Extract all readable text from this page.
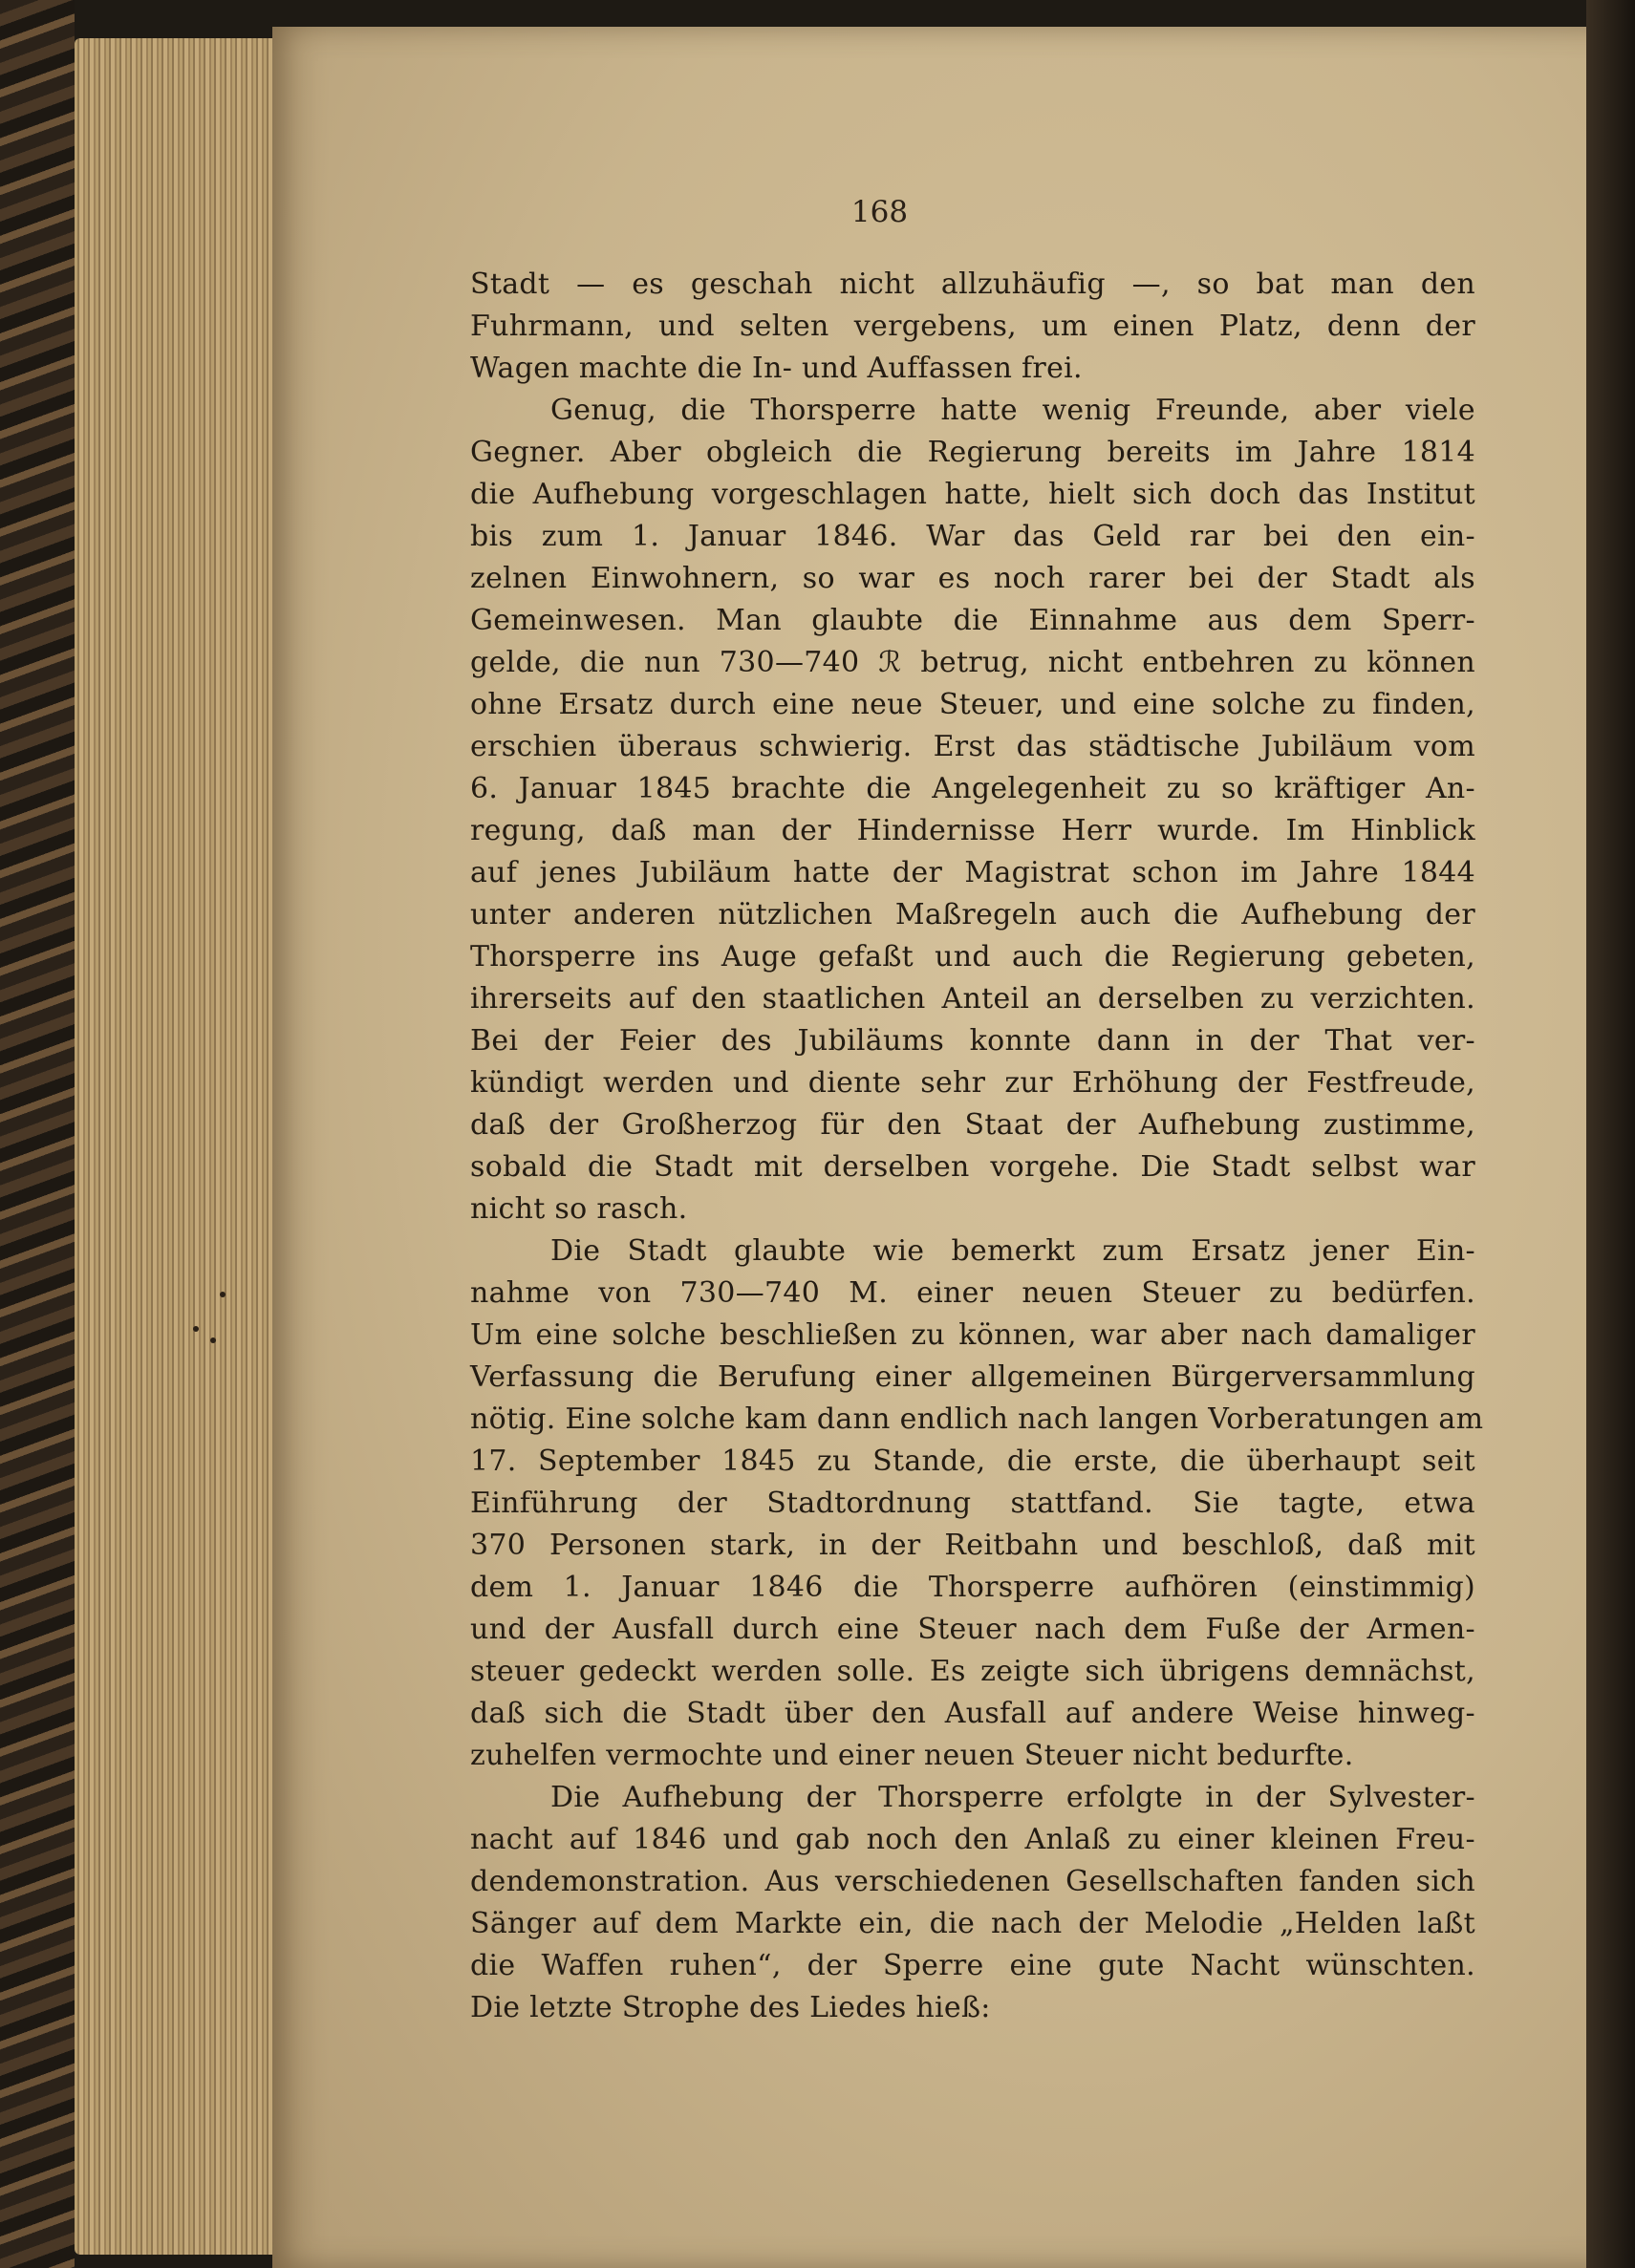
168
Stadt — es geschah nicht allzuhäufig —, so bat man den
Fuhrmann, und selten vergebens, um einen Platz, denn der
Wagen machte die In- und Auffassen frei.
Genug, die Thorsperre hatte wenig Freunde, aber viele
Gegner. Aber obgleich die Regierung bereits im Jahre 1814
die Aufhebung vorgeschlagen hatte, hielt sich doch das Institut
bis zum 1. Januar 1846. War das Geld rar bei den ein-
zelnen Einwohnern, so war es noch rarer bei der Stadt als
Gemeinwesen. Man glaubte die Einnahme aus dem Sperr-
gelde, die nun 730—740 ℛ betrug, nicht entbehren zu können
ohne Ersatz durch eine neue Steuer, und eine solche zu finden,
erschien überaus schwierig. Erst das städtische Jubiläum vom
6. Januar 1845 brachte die Angelegenheit zu so kräftiger An-
regung, daß man der Hindernisse Herr wurde. Im Hinblick
auf jenes Jubiläum hatte der Magistrat schon im Jahre 1844
unter anderen nützlichen Maßregeln auch die Aufhebung der
Thorsperre ins Auge gefaßt und auch die Regierung gebeten,
ihrerseits auf den staatlichen Anteil an derselben zu verzichten.
Bei der Feier des Jubiläums konnte dann in der That ver-
kündigt werden und diente sehr zur Erhöhung der Festfreude,
daß der Großherzog für den Staat der Aufhebung zustimme,
sobald die Stadt mit derselben vorgehe. Die Stadt selbst war
nicht so rasch.
Die Stadt glaubte wie bemerkt zum Ersatz jener Ein-
nahme von 730—740 M. einer neuen Steuer zu bedürfen.
Um eine solche beschließen zu können, war aber nach damaliger
Verfassung die Berufung einer allgemeinen Bürgerversammlung
nötig. Eine solche kam dann endlich nach langen Vorberatungen am
17. September 1845 zu Stande, die erste, die überhaupt seit
Einführung der Stadtordnung stattfand. Sie tagte, etwa
370 Personen stark, in der Reitbahn und beschloß, daß mit
dem 1. Januar 1846 die Thorsperre aufhören (einstimmig)
und der Ausfall durch eine Steuer nach dem Fuße der Armen-
steuer gedeckt werden solle. Es zeigte sich übrigens demnächst,
daß sich die Stadt über den Ausfall auf andere Weise hinweg-
zuhelfen vermochte und einer neuen Steuer nicht bedurfte.
Die Aufhebung der Thorsperre erfolgte in der Sylvester-
nacht auf 1846 und gab noch den Anlaß zu einer kleinen Freu-
dendemonstration. Aus verschiedenen Gesellschaften fanden sich
Sänger auf dem Markte ein, die nach der Melodie „Helden laßt
die Waffen ruhen“, der Sperre eine gute Nacht wünschten.
Die letzte Strophe des Liedes hieß:
